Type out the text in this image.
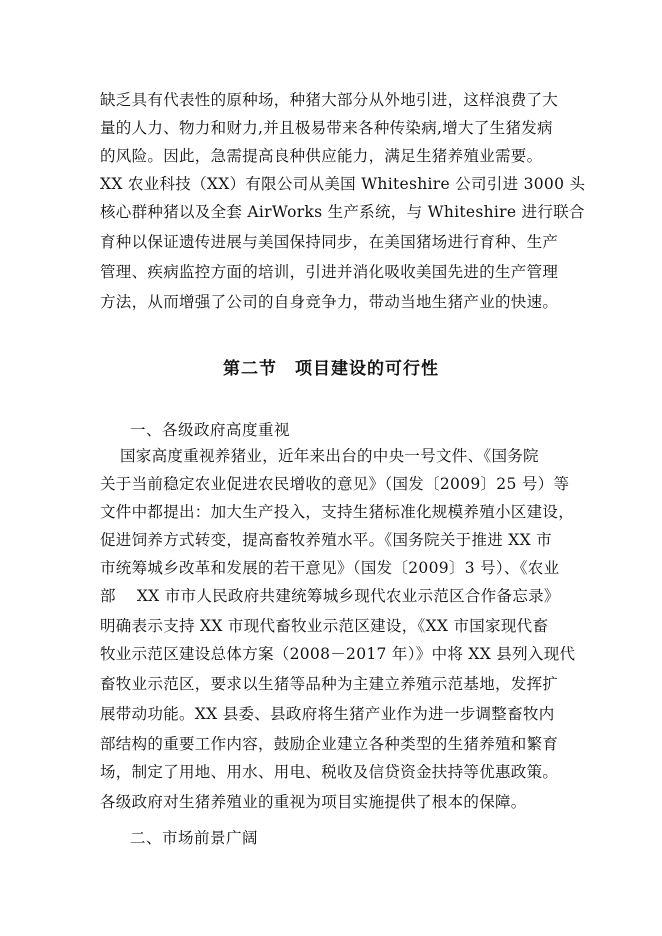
缺乏具有代表性的原种场，种猪大部分从外地引进，这样浪费了大
量的人力、物力和财力,并且极易带来各种传染病,增大了生猪发病
的风险。因此，急需提高良种供应能力，满足生猪养殖业需要。
XX 农业科技（XX）有限公司从美国 Whiteshire 公司引进 3000 头
核心群种猪以及全套 AirWorks 生产系统，与 Whiteshire 进行联合
育种以保证遗传进展与美国保持同步，在美国猪场进行育种、生产
管理、疾病监控方面的培训，引进并消化吸收美国先进的生产管理
方法，从而增强了公司的自身竞争力，带动当地生猪产业的快速。
第二节　项目建设的可行性
一、各级政府高度重视
国家高度重视养猪业，近年来出台的中央一号文件、《国务院
关于当前稳定农业促进农民增收的意见》（国发〔2009〕25 号）等
文件中都提出：加大生产投入，支持生猪标准化规模养殖小区建设，
促进饲养方式转变，提高畜牧养殖水平。《国务院关于推进 XX 市
市统筹城乡改革和发展的若干意见》（国发〔2009〕3 号）、《农业
部　 XX 市市人民政府共建统筹城乡现代农业示范区合作备忘录》
明确表示支持 XX 市现代畜牧业示范区建设，《XX 市国家现代畜
牧业示范区建设总体方案（2008－2017 年）》中将 XX 县列入现代
畜牧业示范区，要求以生猪等品种为主建立养殖示范基地，发挥扩
展带动功能。XX 县委、县政府将生猪产业作为进一步调整畜牧内
部结构的重要工作内容，鼓励企业建立各种类型的生猪养殖和繁育
场，制定了用地、用水、用电、税收及信贷资金扶持等优惠政策。
各级政府对生猪养殖业的重视为项目实施提供了根本的保障。
二、市场前景广阔
